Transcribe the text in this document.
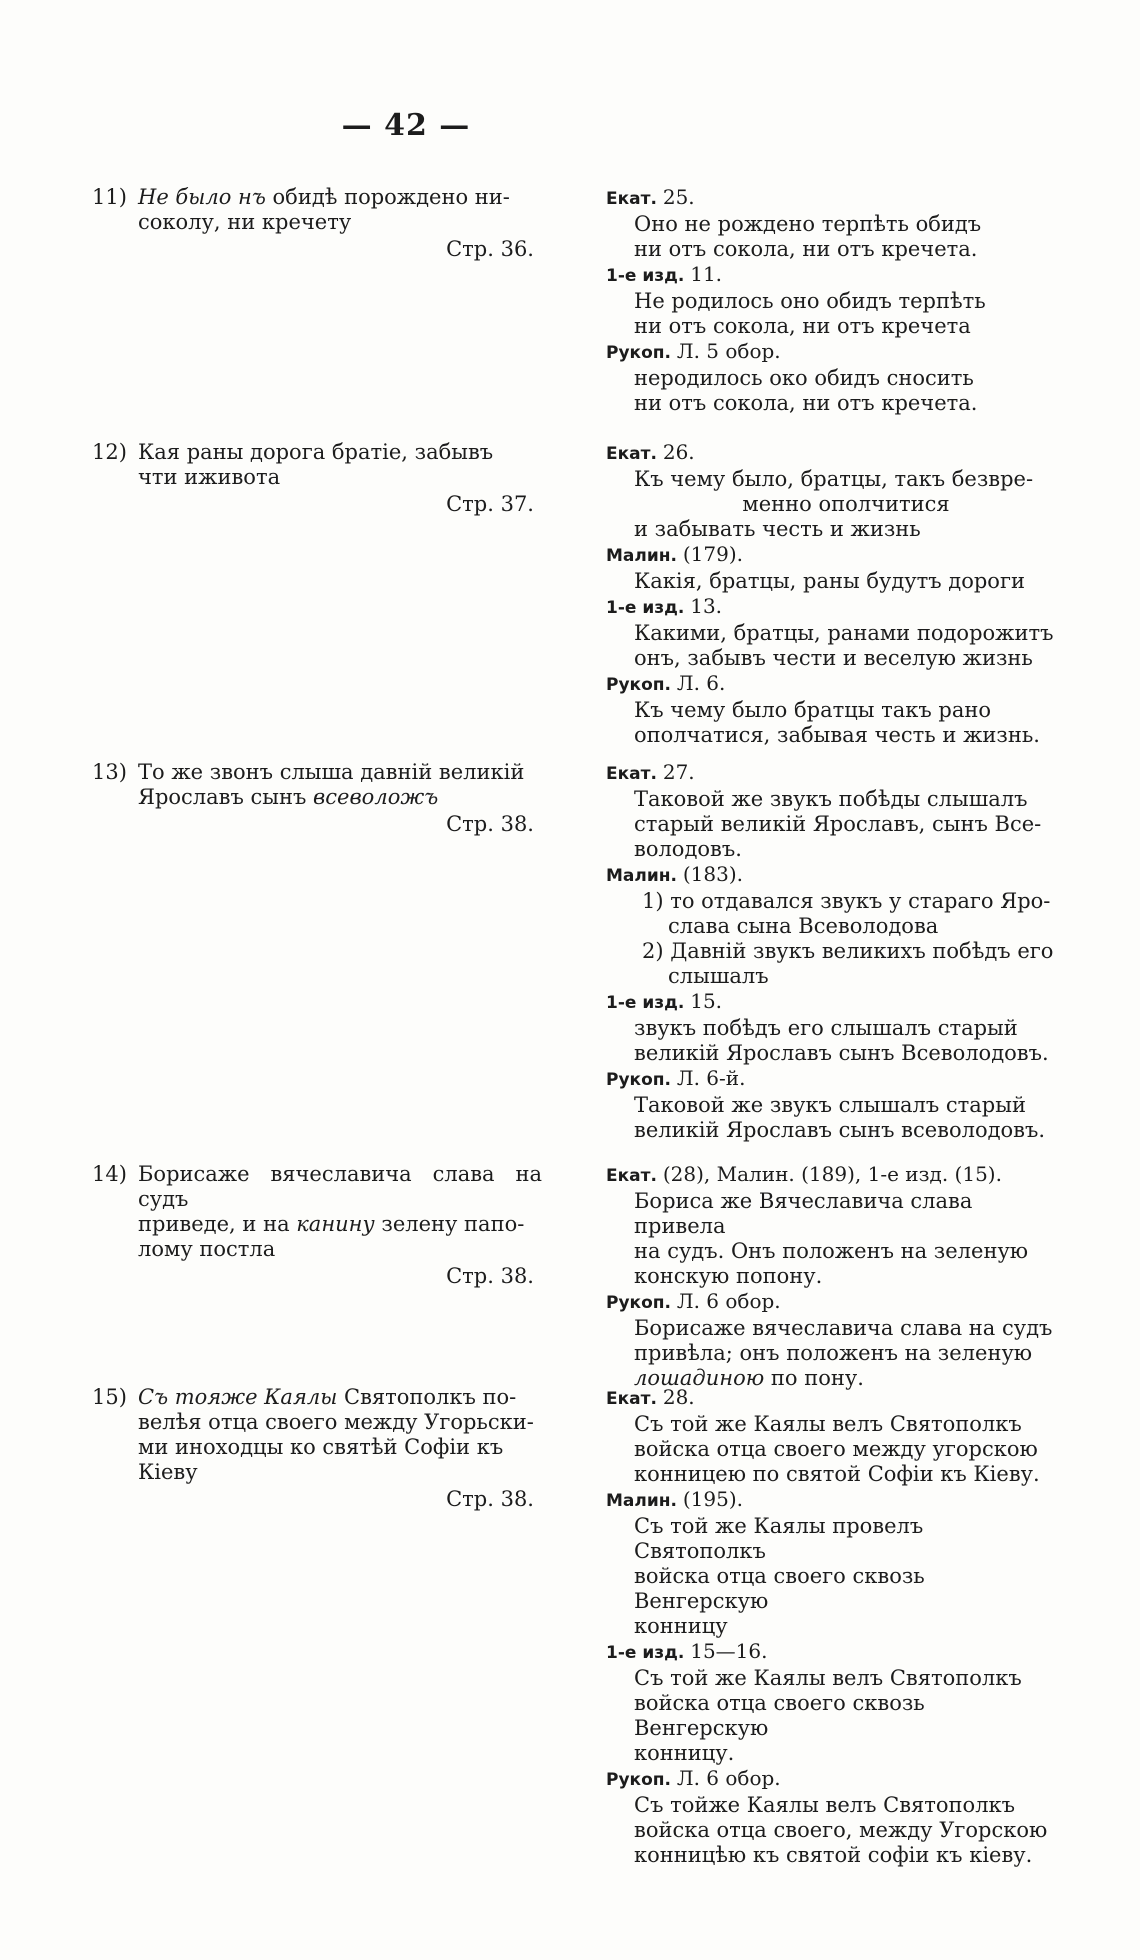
— 42 —
11) Не было нъ обидѣ порождено ни-
соколу, ни кречету
Стр. 36.
Екат. 25.
Оно не рождено терпѣть обидъ
ни отъ сокола, ни отъ кречета.
1-е изд. 11.
Не родилось оно обидъ терпѣть
ни отъ сокола, ни отъ кречета
Рукоп. Л. 5 обор.
неродилось око обидъ сносить
ни отъ сокола, ни отъ кречета.
12) Кая раны дорога братіе, забывъ
чти иживота
Стр. 37.
Екат. 26.
Къ чему было, братцы, такъ безвре-
менно ополчитися
и забывать честь и жизнь
Малин. (179).
Какія, братцы, раны будутъ дороги
1-е изд. 13.
Какими, братцы, ранами подорожитъ
онъ, забывъ чести и веселую жизнь
Рукоп. Л. 6.
Къ чему было братцы такъ рано
ополчатися, забывая честь и жизнь.
13) То же звонъ слыша давній великій
Ярославъ сынъ всеволожъ
Стр. 38.
Екат. 27.
Таковой же звукъ побѣды слышалъ
старый великій Ярославъ, сынъ Все-
володовъ.
Малин. (183).
1) то отдавался звукъ у стараго Яро-
слава сына Всеволодова
2) Давній звукъ великихъ побѣдъ его
слышалъ
1-е изд. 15.
звукъ побѣдъ его слышалъ старый
великій Ярославъ сынъ Всеволодовъ.
Рукоп. Л. 6-й.
Таковой же звукъ слышалъ старый
великій Ярославъ сынъ всеволодовъ.
14) Борисаже вячеславича слава на судъ
приведе, и на канину зелену папо-
лому постла
Стр. 38.
Екат. (28), Малин. (189), 1-е изд. (15).
Бориса же Вячеславича слава привела
на судъ. Онъ положенъ на зеленую
конскую попону.
Рукоп. Л. 6 обор.
Борисаже вячеславича слава на судъ
привѣла; онъ положенъ на зеленую
лошадиною по пону.
15) Съ тояже Каялы Святополкъ по-
велѣя отца своего между Угорьски-
ми иноходцы ко святѣй Софіи къ
Кіеву
Стр. 38.
Екат. 28.
Съ той же Каялы велъ Святополкъ
войска отца своего между угорскою
конницею по святой Софіи къ Кіеву.
Малин. (195).
Съ той же Каялы провелъ Святополкъ
войска отца своего сквозь Венгерскую
конницу
1-е изд. 15—16.
Съ той же Каялы велъ Святополкъ
войска отца своего сквозь Венгерскую
конницу.
Рукоп. Л. 6 обор.
Съ тойже Каялы велъ Святополкъ
войска отца своего, между Угорскою
конницѣю къ святой софіи къ кіеву.
